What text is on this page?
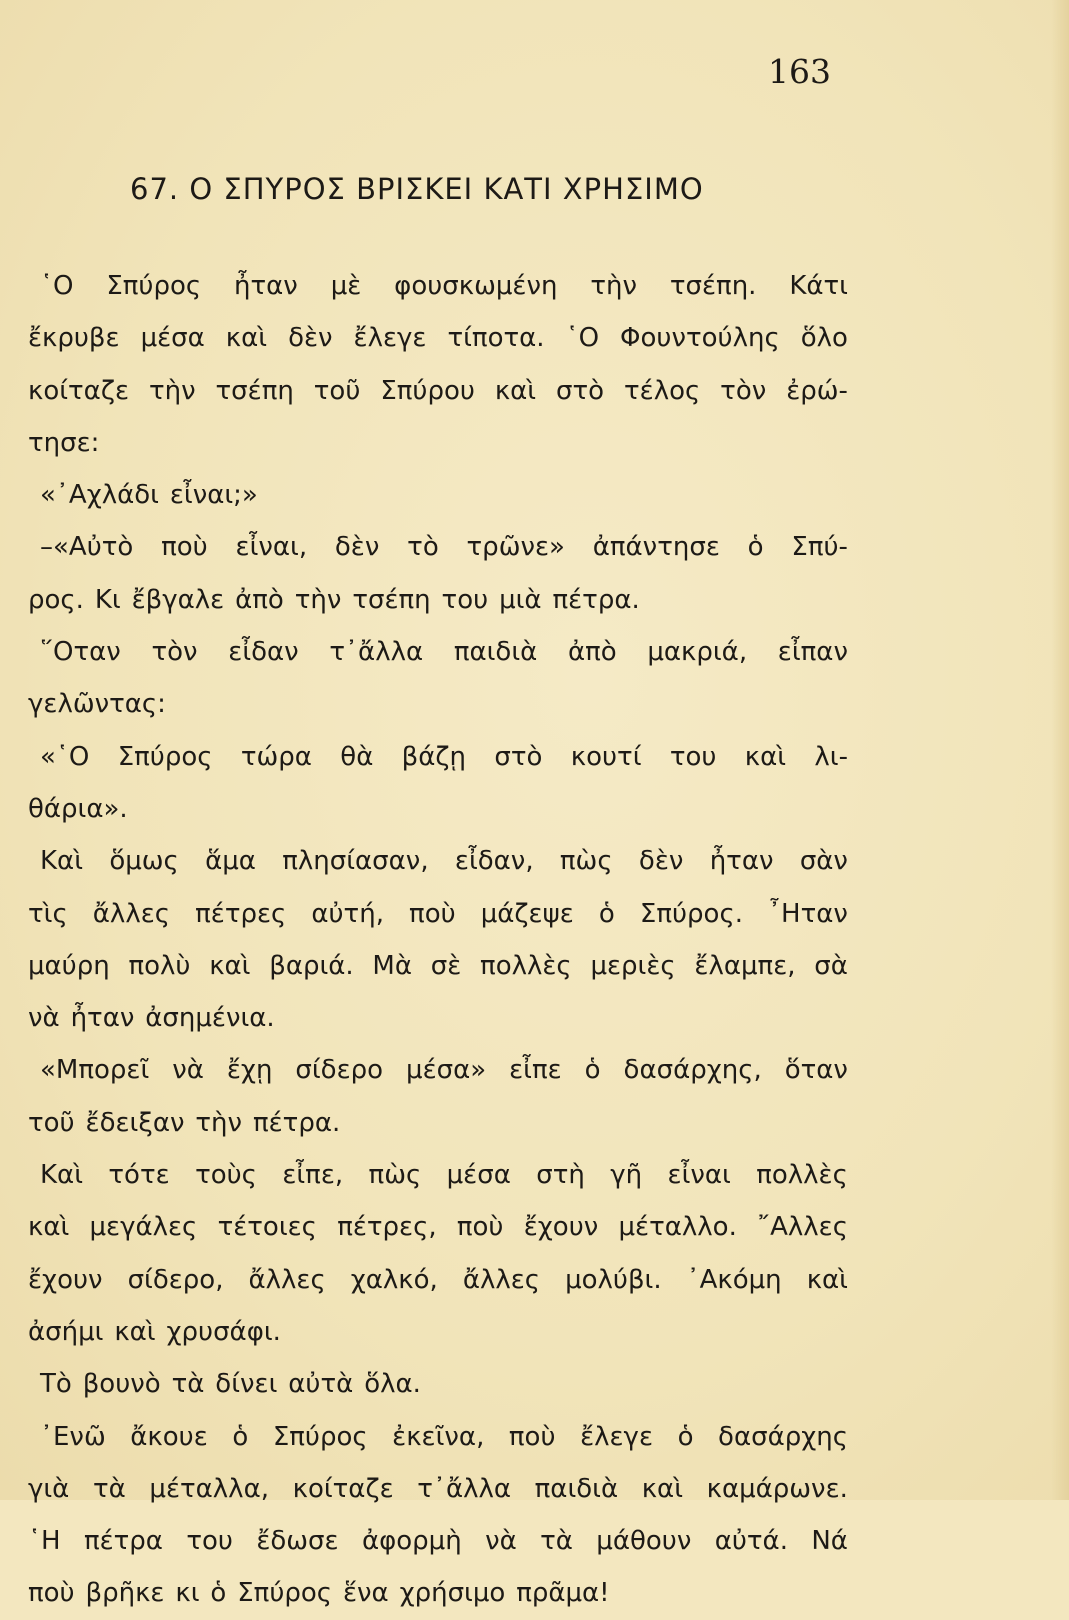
163
67. Ο ΣΠΥΡΟΣ ΒΡΙΣΚΕΙ ΚΑΤΙ ΧΡΗΣΙΜΟ
῾Ο Σπύρος ἦταν μὲ φουσκωμένη τὴν τσέπη. Κάτι
ἔκρυβε μέσα καὶ δὲν ἔλεγε τίποτα. ῾Ο Φουντούλης ὅλο
κοίταζε τὴν τσέπη τοῦ Σπύρου καὶ στὸ τέλος τὸν ἐρώ-
τησε:
«᾿Αχλάδι εἶναι;»
–«Αὐτὸ ποὺ εἶναι, δὲν τὸ τρῶνε» ἀπάντησε ὁ Σπύ-
ρος. Κι ἔβγαλε ἀπὸ τὴν τσέπη του μιὰ πέτρα.
῞Οταν τὸν εἶδαν τ᾿ἄλλα παιδιὰ ἀπὸ μακριά, εἶπαν
γελῶντας:
«῾Ο Σπύρος τώρα θὰ βάζῃ στὸ κουτί του καὶ λι-
θάρια».
Καὶ ὅμως ἅμα πλησίασαν, εἶδαν, πὼς δὲν ἦταν σὰν
τὶς ἄλλες πέτρες αὐτή, ποὺ μάζεψε ὁ Σπύρος. ῏Ηταν
μαύρη πολὺ καὶ βαριά. Μὰ σὲ πολλὲς μεριὲς ἔλαμπε, σὰ
νὰ ἦταν ἀσημένια.
«Μπορεῖ νὰ ἔχῃ σίδερο μέσα» εἶπε ὁ δασάρχης, ὅταν
τοῦ ἔδειξαν τὴν πέτρα.
Καὶ τότε τοὺς εἶπε, πὼς μέσα στὴ γῆ εἶναι πολλὲς
καὶ μεγάλες τέτοιες πέτρες, ποὺ ἔχουν μέταλλο. ῎Αλλες
ἔχουν σίδερο, ἄλλες χαλκό, ἄλλες μολύβι. ᾿Ακόμη καὶ
ἀσήμι καὶ χρυσάφι.
Τὸ βουνὸ τὰ δίνει αὐτὰ ὅλα.
᾿Ενῶ ἄκουε ὁ Σπύρος ἐκεῖνα, ποὺ ἔλεγε ὁ δασάρχης
γιὰ τὰ μέταλλα, κοίταζε τ᾿ἄλλα παιδιὰ καὶ καμάρωνε.
῾Η πέτρα του ἔδωσε ἀφορμὴ νὰ τὰ μάθουν αὐτά. Νά
ποὺ βρῆκε κι ὁ Σπύρος ἕνα χρήσιμο πρᾶμα!
